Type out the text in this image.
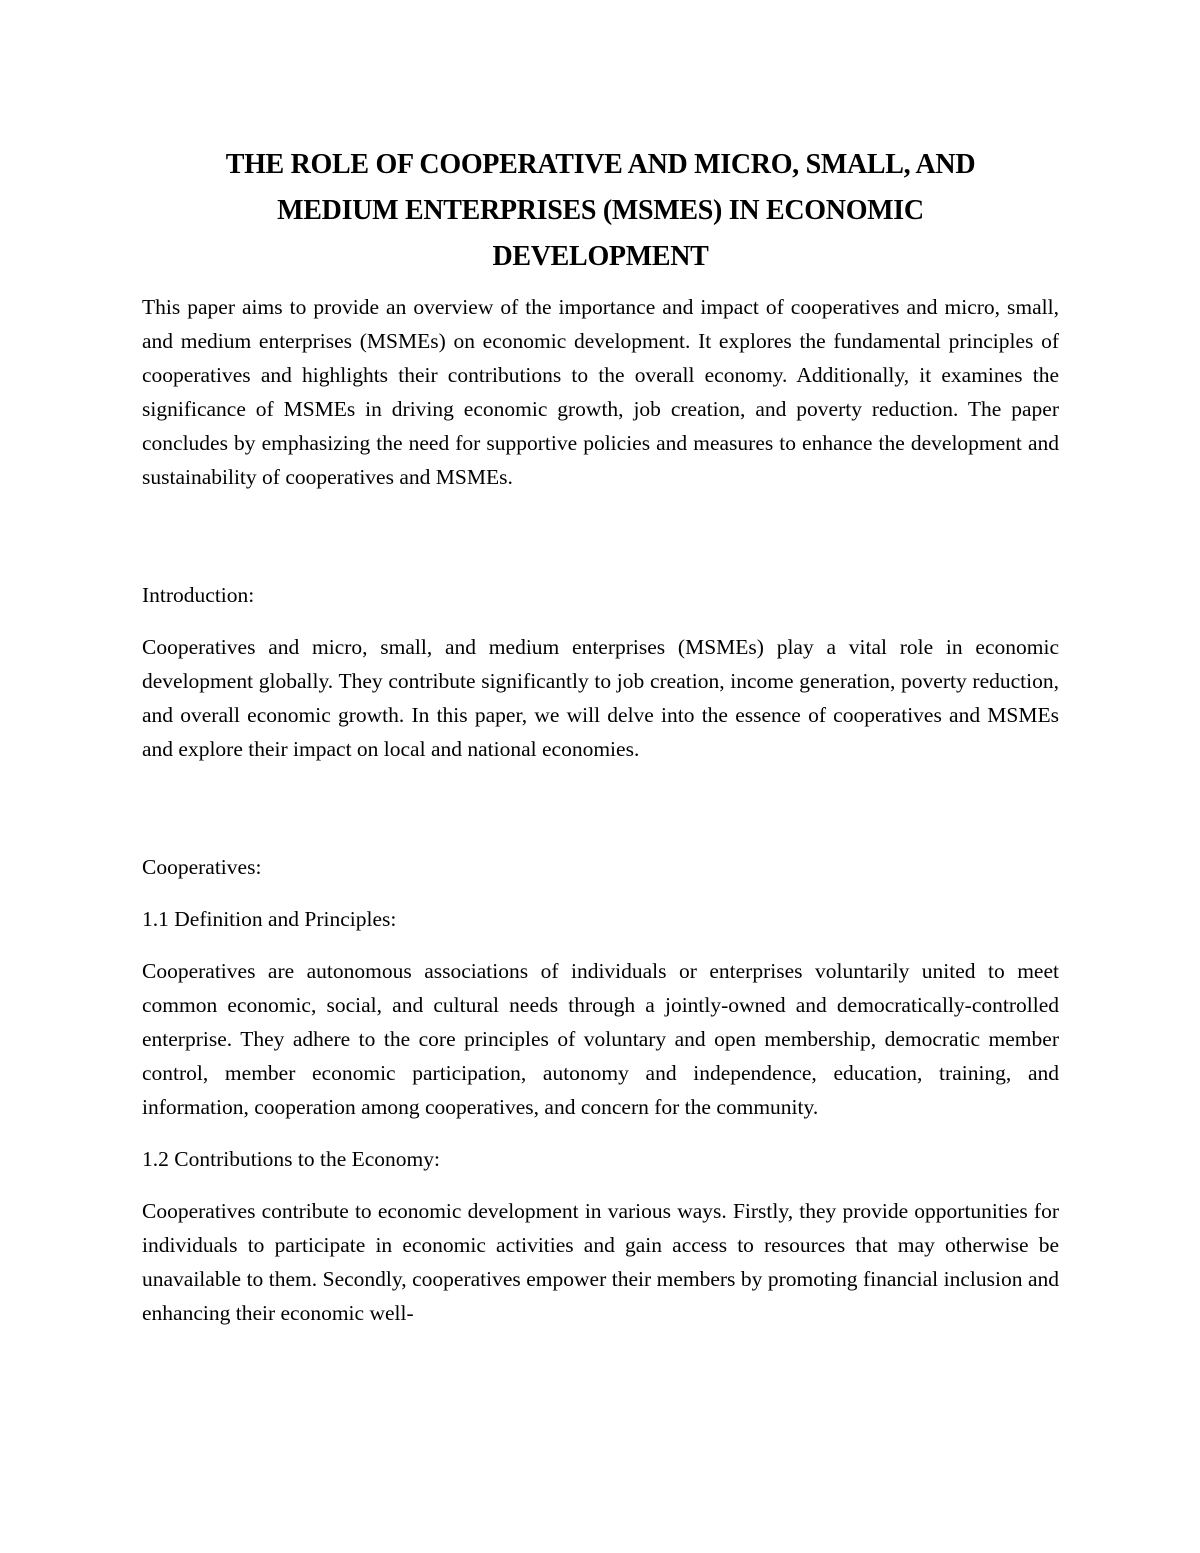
THE ROLE OF COOPERATIVE AND MICRO, SMALL, AND
MEDIUM ENTERPRISES (MSMES) IN ECONOMIC
DEVELOPMENT

This paper aims to provide an overview of the importance and impact of cooperatives and micro, small, and medium enterprises (MSMEs) on economic development. It explores the fundamental principles of cooperatives and highlights their contributions to the overall economy. Additionally, it examines the significance of MSMEs in driving economic growth, job creation, and poverty reduction. The paper concludes by emphasizing the need for supportive policies and measures to enhance the development and sustainability of cooperatives and MSMEs.

Introduction:

Cooperatives and micro, small, and medium enterprises (MSMEs) play a vital role in economic development globally. They contribute significantly to job creation, income generation, poverty reduction, and overall economic growth. In this paper, we will delve into the essence of cooperatives and MSMEs and explore their impact on local and national economies.

Cooperatives:

1.1 Definition and Principles:

Cooperatives are autonomous associations of individuals or enterprises voluntarily united to meet common economic, social, and cultural needs through a jointly-owned and democratically-controlled enterprise. They adhere to the core principles of voluntary and open membership, democratic member control, member economic participation, autonomy and independence, education, training, and information, cooperation among cooperatives, and concern for the community.

1.2 Contributions to the Economy:

Cooperatives contribute to economic development in various ways. Firstly, they provide opportunities for individuals to participate in economic activities and gain access to resources that may otherwise be unavailable to them. Secondly, cooperatives empower their members by promoting financial inclusion and enhancing their economic well-
